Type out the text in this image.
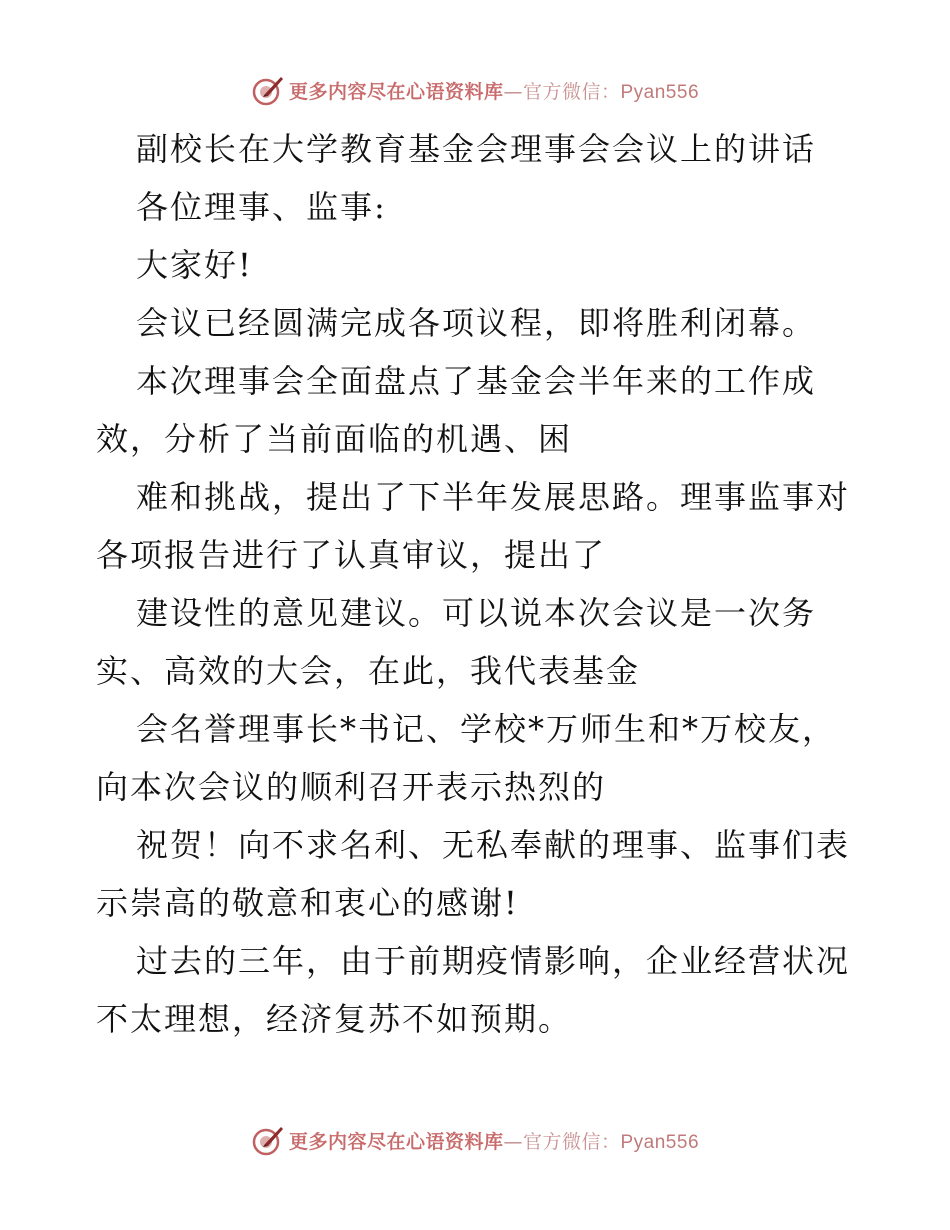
更多内容尽在心语资料库—官方微信：Pyan556
副校长在大学教育基金会理事会会议上的讲话
各位理事、监事:
大家好!
会议已经圆满完成各项议程，即将胜利闭幕。
本次理事会全面盘点了基金会半年来的工作成
效，分析了当前面临的机遇、困
难和挑战，提出了下半年发展思路。理事监事对
各项报告进行了认真审议，提出了
建设性的意见建议。可以说本次会议是一次务
实、高效的大会，在此，我代表基金
会名誉理事长*书记、学校*万师生和*万校友，
向本次会议的顺利召开表示热烈的
祝贺！向不求名利、无私奉献的理事、监事们表
示崇高的敬意和衷心的感谢!
过去的三年，由于前期疫情影响，企业经营状况
不太理想，经济复苏不如预期。
更多内容尽在心语资料库—官方微信：Pyan556
